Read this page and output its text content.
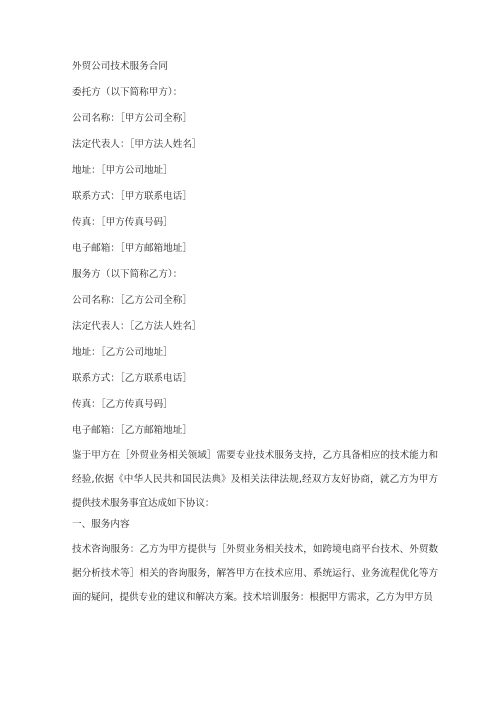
外贸公司技术服务合同
委托方（以下简称甲方）：
公司名称：［甲方公司全称］
法定代表人：［甲方法人姓名］
地址：［甲方公司地址］
联系方式：［甲方联系电话］
传真：［甲方传真号码］
电子邮箱：［甲方邮箱地址］
服务方（以下简称乙方）：
公司名称：［乙方公司全称］
法定代表人：［乙方法人姓名］
地址：［乙方公司地址］
联系方式：［乙方联系电话］
传真：［乙方传真号码］
电子邮箱：［乙方邮箱地址］
鉴于甲方在［外贸业务相关领域］需要专业技术服务支持，乙方具备相应的技术能力和经验,依据《中华人民共和国民法典》及相关法律法规,经双方友好协商，就乙方为甲方提供技术服务事宜达成如下协议：
一、服务内容
技术咨询服务：乙方为甲方提供与［外贸业务相关技术，如跨境电商平台技术、外贸数据分析技术等］相关的咨询服务，解答甲方在技术应用、系统运行、业务流程优化等方面的疑问，提供专业的建议和解决方案。技术培训服务：根据甲方需求，乙方为甲方员
